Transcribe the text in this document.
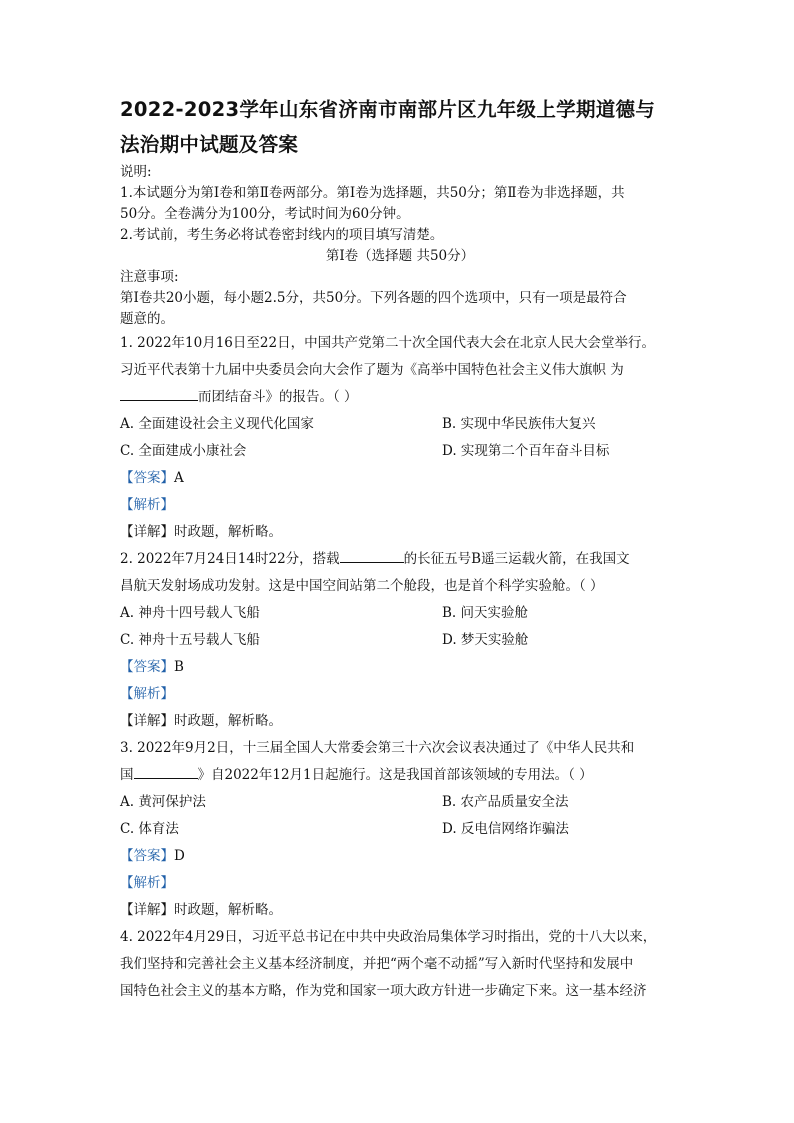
2022-2023学年山东省济南市南部片区九年级上学期道德与

法治期中试题及答案

说明:

1.本试题分为第Ⅰ卷和第Ⅱ卷两部分。第Ⅰ卷为选择题，共50分；第Ⅱ卷为非选择题，共

50分。全卷满分为100分，考试时间为60分钟。

2.考试前，考生务必将试卷密封线内的项目填写清楚。

第Ⅰ卷（选择题 共50分）

注意事项:

第Ⅰ卷共20小题，每小题2.5分，共50分。下列各题的四个选项中，只有一项是最符合

题意的。

1. 2022年10月16日至22日，中国共产党第二十次全国代表大会在北京人民大会堂举行。

习近平代表第十九届中央委员会向大会作了题为《高举中国特色社会主义伟大旗帜 为

而团结奋斗》的报告。（ ）

A. 全面建设社会主义现代化国家	B. 实现中华民族伟大复兴
C. 全面建成小康社会	D. 实现第二个百年奋斗目标

【答案】A

【解析】

【详解】时政题，解析略。

2. 2022年7月24日14时22分，搭载	的长征五号B遥三运载火箭，在我国文

昌航天发射场成功发射。这是中国空间站第二个舱段，也是首个科学实验舱。（ ）

A. 神舟十四号载人飞船	B. 问天实验舱
C. 神舟十五号载人飞船	D. 梦天实验舱

【答案】B

【解析】

【详解】时政题，解析略。

3. 2022年9月2日，十三届全国人大常委会第三十六次会议表决通过了《中华人民共和

国	》自2022年12月1日起施行。这是我国首部该领域的专用法。（ ）

A. 黄河保护法	B. 农产品质量安全法
C. 体育法	D. 反电信网络诈骗法

【答案】D

【解析】

【详解】时政题，解析略。

4. 2022年4月29日，习近平总书记在中共中央政治局集体学习时指出，党的十八大以来，

我们坚持和完善社会主义基本经济制度，并把“两个毫不动摇”写入新时代坚持和发展中

国特色社会主义的基本方略，作为党和国家一项大政方针进一步确定下来。这一基本经济
